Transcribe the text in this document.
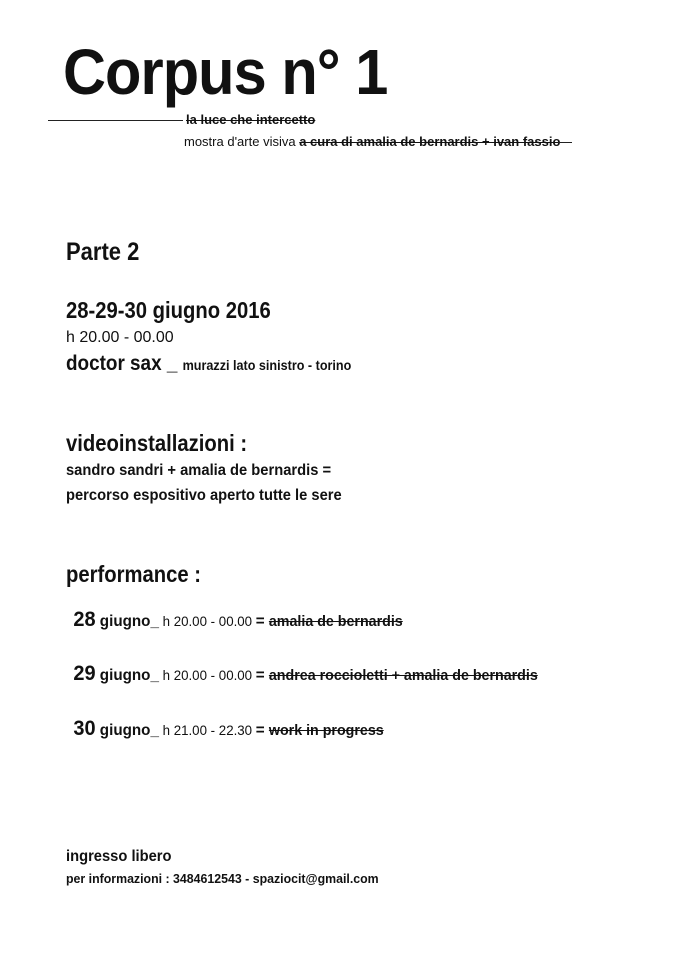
Corpus n° 1
la luce che intercetto
mostra d'arte visiva a cura di amalia de bernardis + ivan fassio
Parte 2
28-29-30 giugno 2016
h 20.00 - 00.00
doctor sax _ murazzi lato sinistro - torino
videoinstallazioni :
sandro sandri + amalia de bernardis =
percorso espositivo aperto tutte le sere
performance :

28 giugno_ h 20.00 - 00.00 = amalia de bernardis

29 giugno_ h 20.00 - 00.00 = andrea roccioletti + amalia de bernardis

30 giugno_ h 21.00 - 22.30 = work in progress

ingresso libero
per informazioni : 3484612543 - spaziocit@gmail.com
